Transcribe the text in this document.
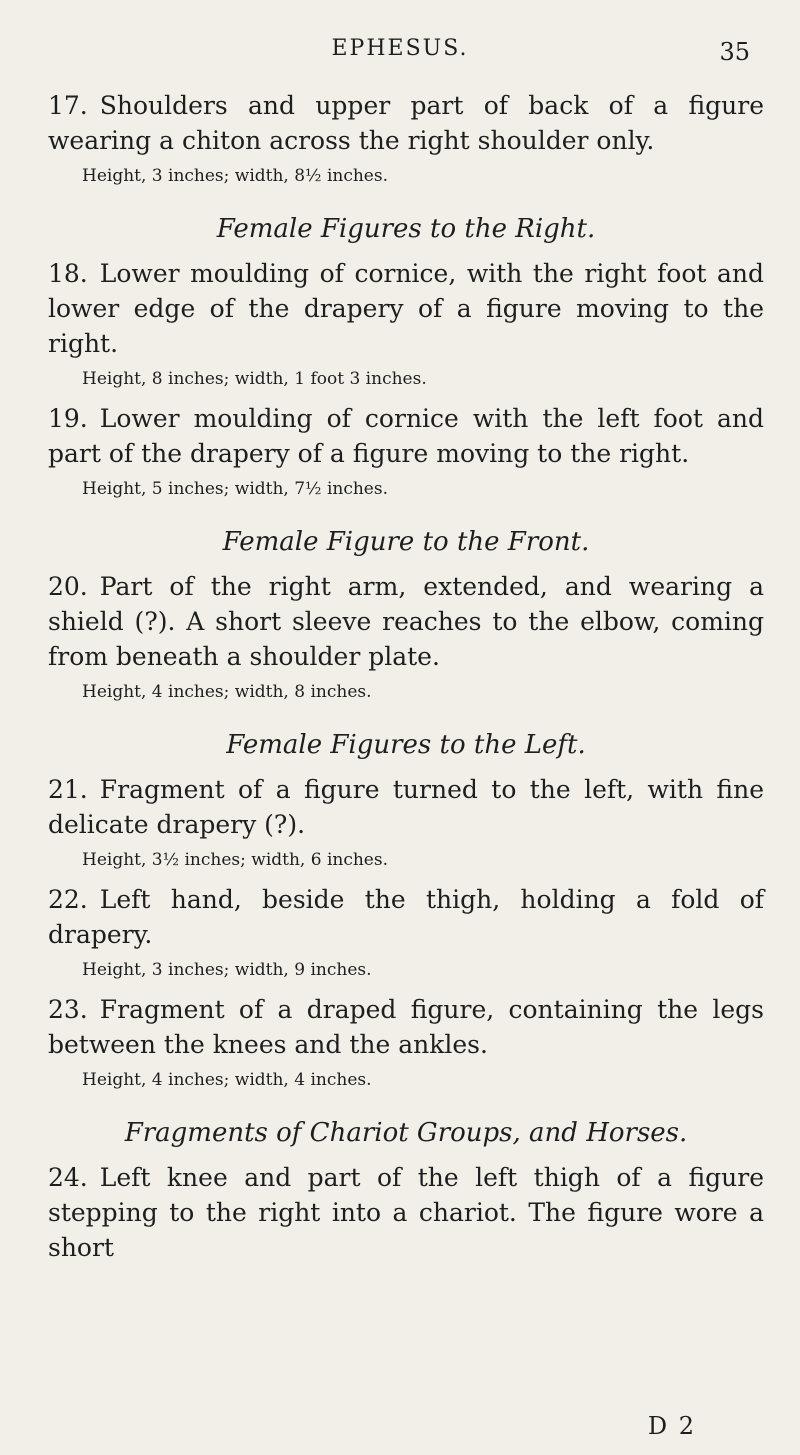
EPHESUS.	35

17. Shoulders and upper part of back of a figure wearing a chiton across the right shoulder only.

Height, 3 inches; width, 8½ inches.
Female Figures to the Right.

18. Lower moulding of cornice, with the right foot and lower edge of the drapery of a figure moving to the right.

Height, 8 inches; width, 1 foot 3 inches.

19. Lower moulding of cornice with the left foot and part of the drapery of a figure moving to the right.

Height, 5 inches; width, 7½ inches.
Female Figure to the Front.

20. Part of the right arm, extended, and wearing a shield (?). A short sleeve reaches to the elbow, coming from beneath a shoulder plate.

Height, 4 inches; width, 8 inches.
Female Figures to the Left.

21. Fragment of a figure turned to the left, with fine delicate drapery (?).

Height, 3½ inches; width, 6 inches.

22. Left hand, beside the thigh, holding a fold of drapery.

Height, 3 inches; width, 9 inches.

23. Fragment of a draped figure, containing the legs between the knees and the ankles.

Height, 4 inches; width, 4 inches.
Fragments of Chariot Groups, and Horses.

24. Left knee and part of the left thigh of a figure stepping to the right into a chariot. The figure wore a short

D 2
